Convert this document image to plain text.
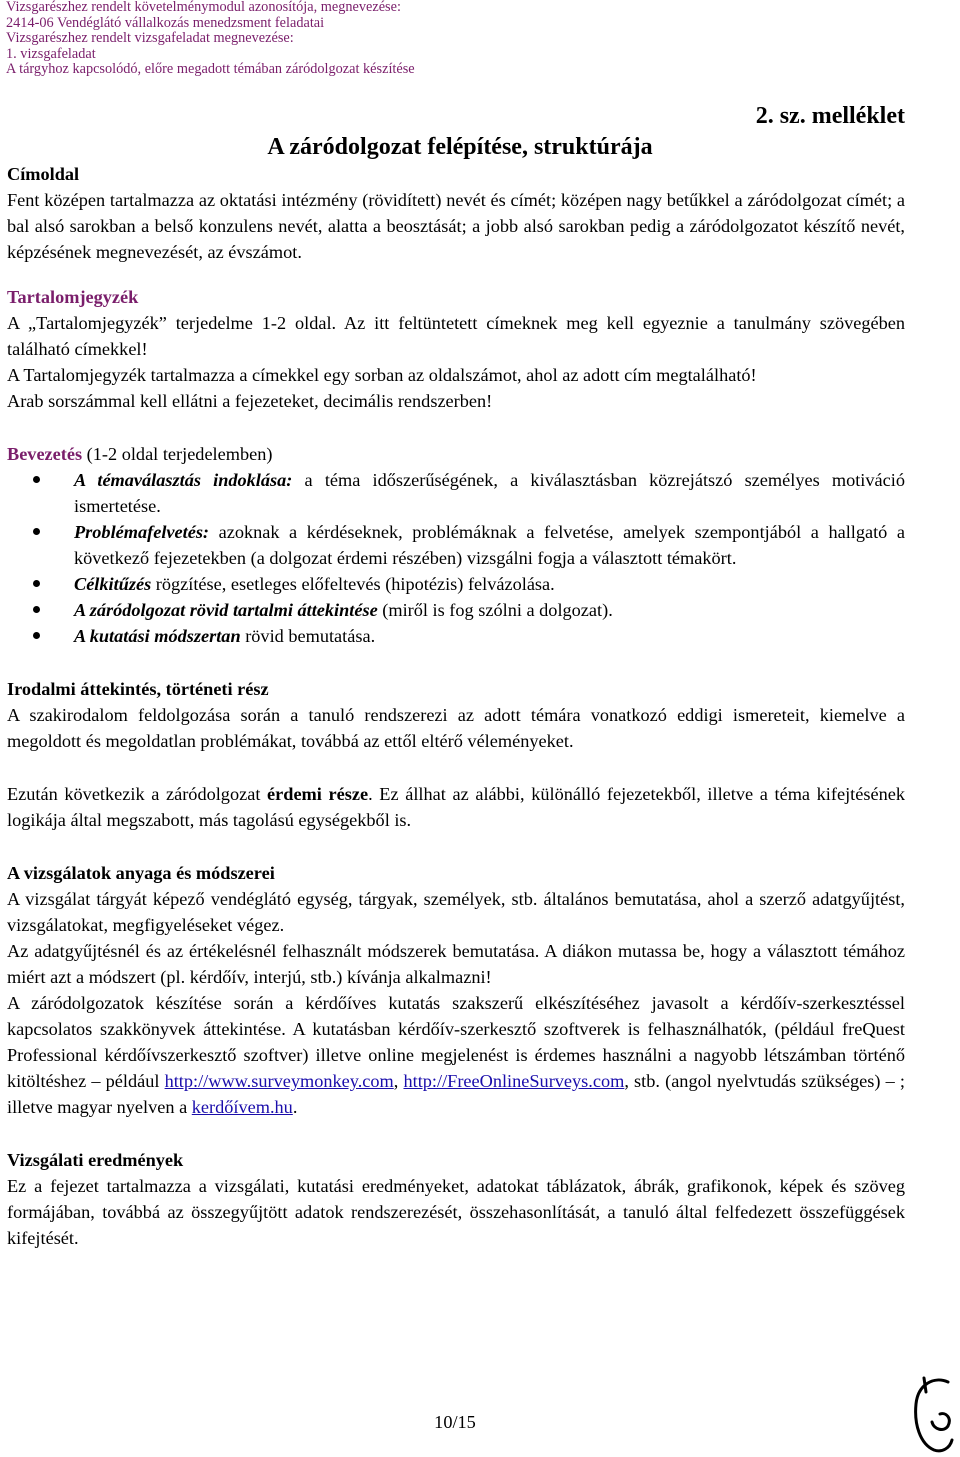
Vizsgarészhez rendelt követelménymodul azonosítója, megnevezése:
2414-06 Vendéglátó vállalkozás menedzsment feladatai
Vizsgarészhez rendelt vizsgafeladat megnevezése:
1. vizsgafeladat
A tárgyhoz kapcsolódó, előre megadott témában záródolgozat készítése
2. sz. melléklet
A záródolgozat felépítése, struktúrája

Címoldal

Fent középen tartalmazza az oktatási intézmény (rövidített) nevét és címét; középen nagy betűkkel a záródolgozat címét; a bal alsó sarokban a belső konzulens nevét, alatta a beosztását; a jobb alsó sarokban pedig a záródolgozatot készítő nevét, képzésének megnevezését, az évszámot.

Tartalomjegyzék

A „Tartalomjegyzék” terjedelme 1-2 oldal. Az itt feltüntetett címeknek meg kell egyeznie a tanulmány szövegében található címekkel!

A Tartalomjegyzék tartalmazza a címekkel egy sorban az oldalszámot, ahol az adott cím megtalálható!

Arab sorszámmal kell ellátni a fejezeteket, decimális rendszerben!

Bevezetés (1-2 oldal terjedelemben)

A témaválasztás indoklása: a téma időszerűségének, a kiválasztásban közrejátszó személyes motiváció ismertetése.
Problémafelvetés: azoknak a kérdéseknek, problémáknak a felvetése, amelyek szempontjából a hallgató a következő fejezetekben (a dolgozat érdemi részében) vizsgálni fogja a választott témakört.
Célkitűzés rögzítése, esetleges előfeltevés (hipotézis) felvázolása.
A záródolgozat rövid tartalmi áttekintése (miről is fog szólni a dolgozat).
A kutatási módszertan rövid bemutatása.

Irodalmi áttekintés, történeti rész

A szakirodalom feldolgozása során a tanuló rendszerezi az adott témára vonatkozó eddigi ismereteit, kiemelve a megoldott és megoldatlan problémákat, továbbá az ettől eltérő véleményeket.

Ezután következik a záródolgozat érdemi része. Ez állhat az alábbi, különálló fejezetekből, illetve a téma kifejtésének logikája által megszabott, más tagolású egységekből is.

A vizsgálatok anyaga és módszerei

A vizsgálat tárgyát képező vendéglátó egység, tárgyak, személyek, stb. általános bemutatása, ahol a szerző adatgyűjtést, vizsgálatokat, megfigyeléseket végez.

Az adatgyűjtésnél és az értékelésnél felhasznált módszerek bemutatása. A diákon mutassa be, hogy a választott témához miért azt a módszert (pl. kérdőív, interjú, stb.) kívánja alkalmazni!

A záródolgozatok készítése során a kérdőíves kutatás szakszerű elkészítéséhez javasolt a kérdőív-szerkesztéssel kapcsolatos szakkönyvek áttekintése. A kutatásban kérdőív-szerkesztő szoftverek is felhasználhatók, (például freQuest Professional kérdőívszerkesztő szoftver) illetve online megjelenést is érdemes használni a nagyobb létszámban történő kitöltéshez – például http://www.surveymonkey.com, http://FreeOnlineSurveys.com, stb. (angol nyelvtudás szükséges) – ; illetve magyar nyelven a kerdőívem.hu.

Vizsgálati eredmények

Ez a fejezet tartalmazza a vizsgálati, kutatási eredményeket, adatokat táblázatok, ábrák, grafikonok, képek és szöveg formájában, továbbá az összegyűjtött adatok rendszerezését, összehasonlítását, a tanuló által felfedezett összefüggések kifejtését.

10/15
